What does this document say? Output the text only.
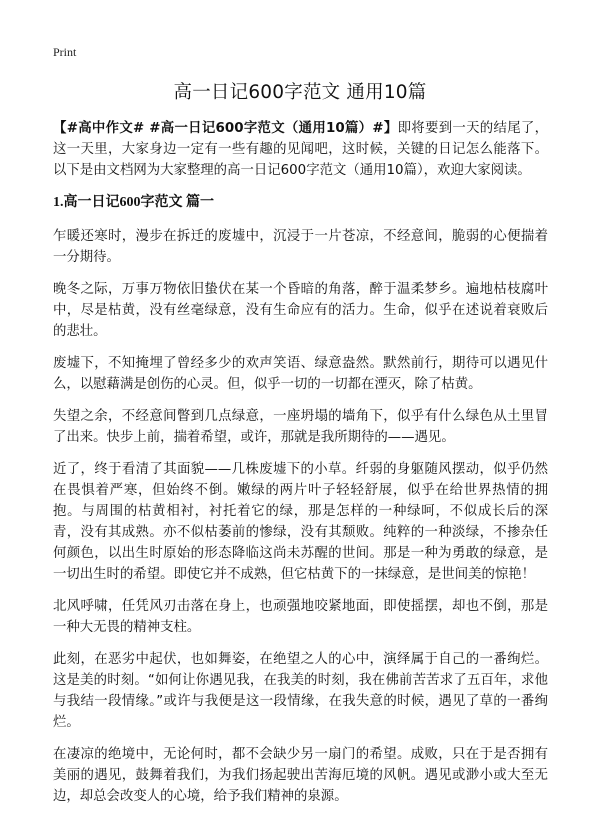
Print
高一日记600字范文 通用10篇

【#高中作文# #高一日记600字范文（通用10篇）#】即将要到一天的结尾了，这一天里，大家身边一定有一些有趣的见闻吧，这时候，关键的日记怎么能落下。以下是由文档网为大家整理的高一日记600字范文（通用10篇），欢迎大家阅读。

1.高一日记600字范文 篇一

乍暖还寒时，漫步在拆迁的废墟中，沉浸于一片苍凉，不经意间，脆弱的心便揣着一分期待。

晚冬之际，万事万物依旧蛰伏在某一个昏暗的角落，醉于温柔梦乡。遍地枯枝腐叶中，尽是枯黄，没有丝毫绿意，没有生命应有的活力。生命，似乎在述说着衰败后的悲壮。

废墟下，不知掩埋了曾经多少的欢声笑语、绿意盎然。默然前行，期待可以遇见什么，以慰藉满是创伤的心灵。但，似乎一切的一切都在湮灭，除了枯黄。

失望之余，不经意间瞥到几点绿意，一座坍塌的墙角下，似乎有什么绿色从土里冒了出来。快步上前，揣着希望，或许，那就是我所期待的——遇见。

近了，终于看清了其面貌——几株废墟下的小草。纤弱的身躯随风摆动，似乎仍然在畏惧着严寒，但始终不倒。嫩绿的两片叶子轻轻舒展，似乎在给世界热情的拥抱。与周围的枯黄相衬，衬托着它的绿，那是怎样的一种绿呵，不似成长后的深青，没有其成熟。亦不似枯萎前的惨绿，没有其颓败。纯粹的一种淡绿，不掺杂任何颜色，以出生时原始的形态降临这尚未苏醒的世间。那是一种为勇敢的绿意，是一切出生时的希望。即使它并不成熟，但它枯黄下的一抹绿意，是世间美的惊艳！

北风呼啸，任凭风刃击落在身上，也顽强地咬紧地面，即使摇摆，却也不倒，那是一种大无畏的精神支柱。

此刻，在恶劣中起伏，也如舞姿，在绝望之人的心中，演绎属于自己的一番绚烂。这是美的时刻。“如何让你遇见我，在我美的时刻，我在佛前苦苦求了五百年，求他与我结一段情缘。”或许与我便是这一段情缘，在我失意的时候，遇见了草的一番绚烂。

在凄凉的绝境中，无论何时，都不会缺少另一扇门的希望。成败，只在于是否拥有美丽的遇见，鼓舞着我们，为我们扬起驶出苦海厄境的风帆。遇见或渺小或大至无边，却总会改变人的心境，给予我们精神的泉源。
